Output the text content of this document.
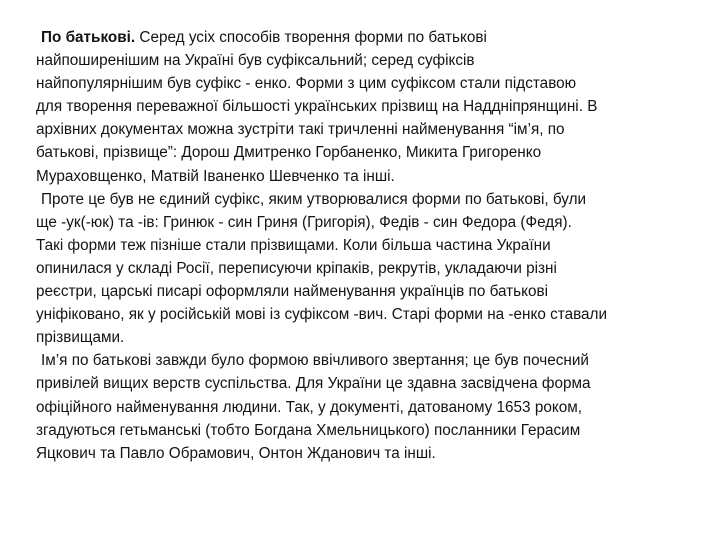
По батькові. Серед усіх способів творення форми по батькові
найпоширенішим на Україні був суфіксальний; серед суфіксів
найпопулярнішим був суфікс - енко. Форми з цим суфіксом стали підставою
для творення переважної більшості українських прізвищ на Наддніпрянщині. В
архівних документах можна зустріти такі тричленні найменування “ім’я, по
батькові, прізвище”: Дорош Дмитренко Горбаненко, Микита Григоренко
Мураховщенко, Матвій Іваненко Шевченко та інші.
Проте це був не єдиний суфікс, яким утворювалися форми по батькові, були
ще -ук(-юк) та -ів: Гринюк - син Гриня (Григорія), Федів - син Федора (Федя).
Такі форми теж пізніше стали прізвищами. Коли більша частина України
опинилася у складі Росії, переписуючи кріпаків, рекрутів, укладаючи різні
реєстри, царські писарі оформляли найменування українців по батькові
уніфіковано, як у російській мові із суфіксом -вич. Старі форми на -енко ставали
прізвищами.
Ім’я по батькові завжди було формою ввічливого звертання; це був почесний
привілей вищих верств суспільства. Для України це здавна засвідчена форма
офіційного найменування людини. Так, у документі, датованому 1653 роком,
згадуються гетьманські (тобто Богдана Хмельницького) посланники Герасим
Яцкович та Павло Обрамович, Онтон Жданович та інші.
